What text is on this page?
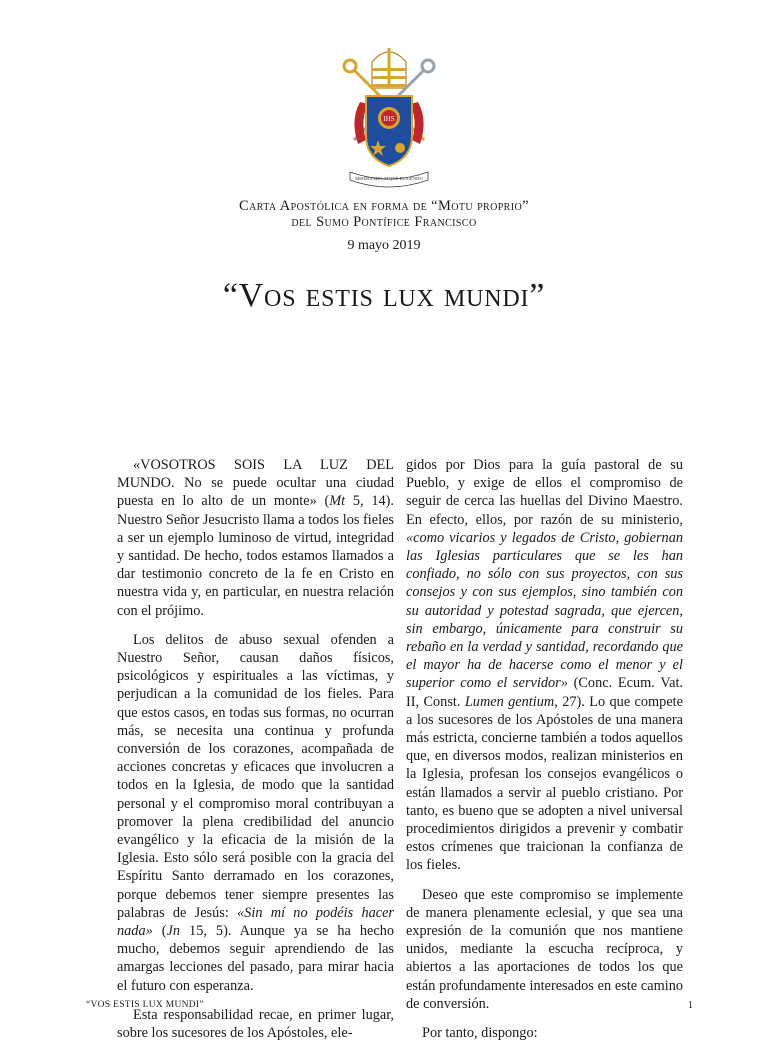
IHS
MISERANDO ATQUE ELIGENDO
Carta Apostólica en forma de “Motu proprio”
del Sumo Pontífice Francisco
9 mayo 2019
“Vos estis lux mundi”

«VOSOTROS SOIS LA LUZ DEL MUNDO. No se puede ocultar una ciudad puesta en lo alto de un monte» (Mt 5, 14). Nuestro Señor Jesucristo llama a todos los fieles a ser un ejemplo luminoso de virtud, integridad y santidad. De hecho, todos estamos llamados a dar testimonio concreto de la fe en Cristo en nuestra vida y, en particular, en nuestra relación con el prójimo.

Los delitos de abuso sexual ofenden a Nuestro Señor, causan daños físicos, psicológicos y espirituales a las víctimas, y perjudican a la comunidad de los fieles. Para que estos casos, en todas sus formas, no ocurran más, se necesita una continua y profunda conversión de los corazones, acompañada de acciones concretas y eficaces que involucren a todos en la Iglesia, de modo que la santidad personal y el compromiso moral contribuyan a promover la plena credibilidad del anuncio evangélico y la eficacia de la misión de la Iglesia. Esto sólo será posible con la gracia del Espíritu Santo derramado en los corazones, porque debemos tener siempre presentes las palabras de Jesús: «Sin mí no podéis hacer nada» (Jn 15, 5). Aunque ya se ha hecho mucho, debemos seguir aprendiendo de las amargas lecciones del pasado, para mirar hacia el futuro con esperanza.

Esta responsabilidad recae, en primer lugar, sobre los sucesores de los Apóstoles, ele-

gidos por Dios para la guía pastoral de su Pueblo, y exige de ellos el compromiso de seguir de cerca las huellas del Divino Maestro. En efecto, ellos, por razón de su ministerio, «como vicarios y legados de Cristo, gobiernan las Iglesias particulares que se les han confiado, no sólo con sus proyectos, con sus consejos y con sus ejemplos, sino también con su autoridad y potestad sagrada, que ejercen, sin embargo, únicamente para construir su rebaño en la verdad y santidad, recordando que el mayor ha de hacerse como el menor y el superior como el servidor» (Conc. Ecum. Vat. II, Const. Lumen gentium, 27). Lo que compete a los sucesores de los Apóstoles de una manera más estricta, concierne también a todos aquellos que, en diversos modos, realizan ministerios en la Iglesia, profesan los consejos evangélicos o están llamados a servir al pueblo cristiano. Por tanto, es bueno que se adopten a nivel universal procedimientos dirigidos a prevenir y combatir estos crímenes que traicionan la confianza de los fieles.

Deseo que este compromiso se implemente de manera plenamente eclesial, y que sea una expresión de la comunión que nos mantiene unidos, mediante la escucha recíproca, y abiertos a las aportaciones de todos los que están profundamente interesados en este camino de conversión.

Por tanto, dispongo:

“VOS ESTIS LUX MUNDI”	1
